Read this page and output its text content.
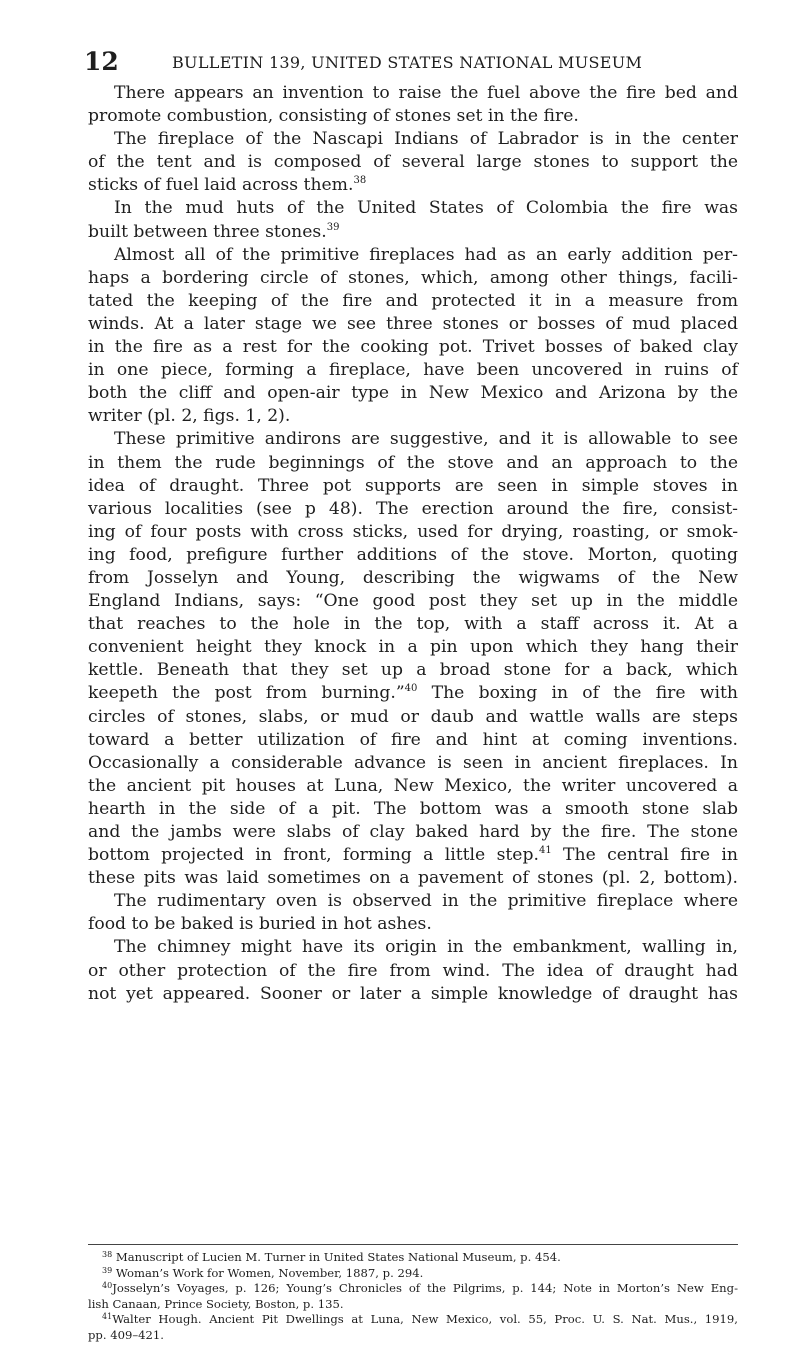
12	BULLETIN 139, UNITED STATES NATIONAL MUSEUM
There appears an invention to raise the fuel above the fire bed and
promote combustion, consisting of stones set in the fire.
The fireplace of the Nascapi Indians of Labrador is in the center
of the tent and is composed of several large stones to support the
sticks of fuel laid across them.$^{38}$
In the mud huts of the United States of Colombia the fire was
built between three stones.$^{39}$
Almost all of the primitive fireplaces had as an early addition per-
haps a bordering circle of stones, which, among other things, facili-
tated the keeping of the fire and protected it in a measure from
winds. At a later stage we see three stones or bosses of mud placed
in the fire as a rest for the cooking pot. Trivet bosses of baked clay
in one piece, forming a fireplace, have been uncovered in ruins of
both the cliff and open-air type in New Mexico and Arizona by the
writer (pl. 2, figs. 1, 2).
These primitive andirons are suggestive, and it is allowable to see
in them the rude beginnings of the stove and an approach to the
idea of draught. Three pot supports are seen in simple stoves in
various localities (see p 48). The erection around the fire, consist-
ing of four posts with cross sticks, used for drying, roasting, or smok-
ing food, prefigure further additions of the stove. Morton, quoting
from Josselyn and Young, describing the wigwams of the New
England Indians, says: “One good post they set up in the middle
that reaches to the hole in the top, with a staff across it. At a
convenient height they knock in a pin upon which they hang their
kettle. Beneath that they set up a broad stone for a back, which
keepeth the post from burning.”$^{40}$ The boxing in of the fire with
circles of stones, slabs, or mud or daub and wattle walls are steps
toward a better utilization of fire and hint at coming inventions.
Occasionally a considerable advance is seen in ancient fireplaces. In
the ancient pit houses at Luna, New Mexico, the writer uncovered a
hearth in the side of a pit. The bottom was a smooth stone slab
and the jambs were slabs of clay baked hard by the fire. The stone
bottom projected in front, forming a little step.$^{41}$ The central fire in
these pits was laid sometimes on a pavement of stones (pl. 2, bottom).
The rudimentary oven is observed in the primitive fireplace where
food to be baked is buried in hot ashes.
The chimney might have its origin in the embankment, walling in,
or other protection of the fire from wind. The idea of draught had
not yet appeared. Sooner or later a simple knowledge of draught has
$^{38}$ Manuscript of Lucien M. Turner in United States National Museum, p. 454.
$^{39}$ Woman’s Work for Women, November, 1887, p. 294.
$^{40}$Josselyn’s Voyages, p. 126; Young’s Chronicles of the Pilgrims, p. 144; Note in Morton’s New Eng-
lish Canaan, Prince Society, Boston, p. 135.
$^{41}$Walter Hough. Ancient Pit Dwellings at Luna, New Mexico, vol. 55, Proc. U. S. Nat. Mus., 1919,
pp. 409–421.
